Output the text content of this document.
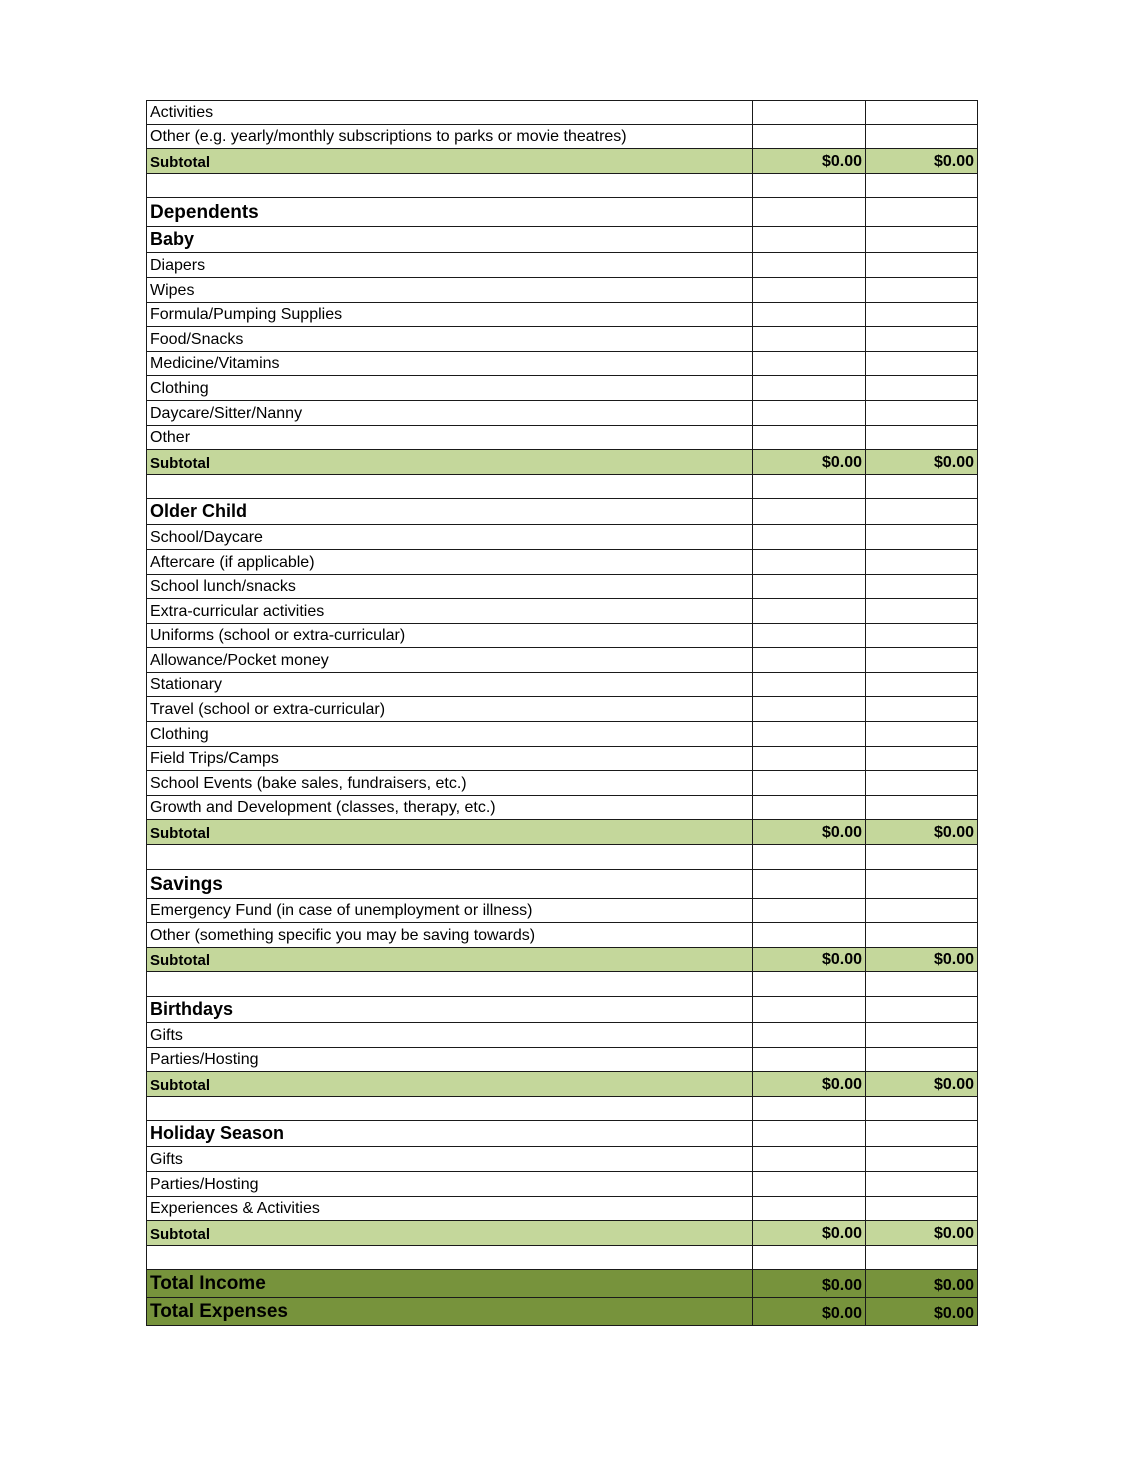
Activities
Other (e.g. yearly/monthly subscriptions to parks or movie theatres)
Subtotal	$0.00	$0.00
Dependents
Baby
Diapers
Wipes
Formula/Pumping Supplies
Food/Snacks
Medicine/Vitamins
Clothing
Daycare/Sitter/Nanny
Other
Subtotal	$0.00	$0.00
Older Child
School/Daycare
Aftercare (if applicable)
School lunch/snacks
Extra-curricular activities
Uniforms (school or extra-curricular)
Allowance/Pocket money
Stationary
Travel (school or extra-curricular)
Clothing
Field Trips/Camps
School Events (bake sales, fundraisers, etc.)
Growth and Development (classes, therapy, etc.)
Subtotal	$0.00	$0.00
Savings
Emergency Fund (in case of unemployment or illness)
Other (something specific you may be saving towards)
Subtotal	$0.00	$0.00
Birthdays
Gifts
Parties/Hosting
Subtotal	$0.00	$0.00
Holiday Season
Gifts
Parties/Hosting
Experiences & Activities
Subtotal	$0.00	$0.00
Total Income	$0.00	$0.00
Total Expenses	$0.00	$0.00
